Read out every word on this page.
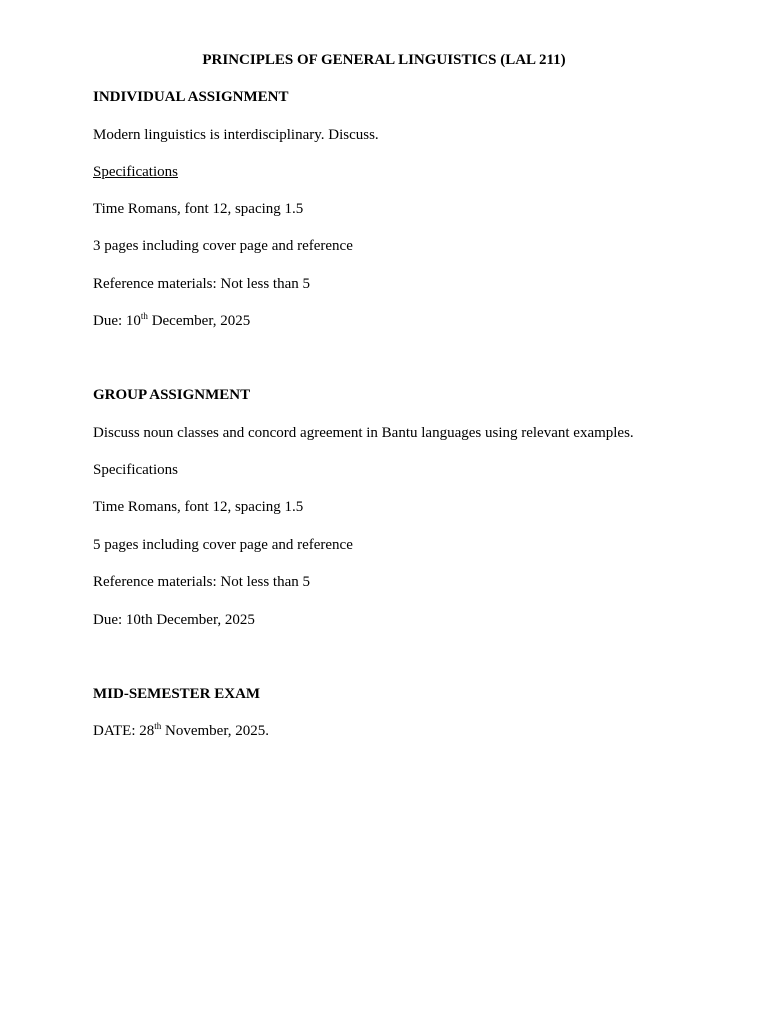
PRINCIPLES OF GENERAL LINGUISTICS (LAL 211)
INDIVIDUAL ASSIGNMENT
Modern linguistics is interdisciplinary. Discuss.
Specifications
Time Romans, font 12, spacing 1.5
3 pages including cover page and reference
Reference materials: Not less than 5
Due: 10th December, 2025
GROUP ASSIGNMENT
Discuss noun classes and concord agreement in Bantu languages using relevant examples.
Specifications
Time Romans, font 12, spacing 1.5
5 pages including cover page and reference
Reference materials: Not less than 5
Due: 10th December, 2025
MID-SEMESTER EXAM
DATE: 28th November, 2025.
